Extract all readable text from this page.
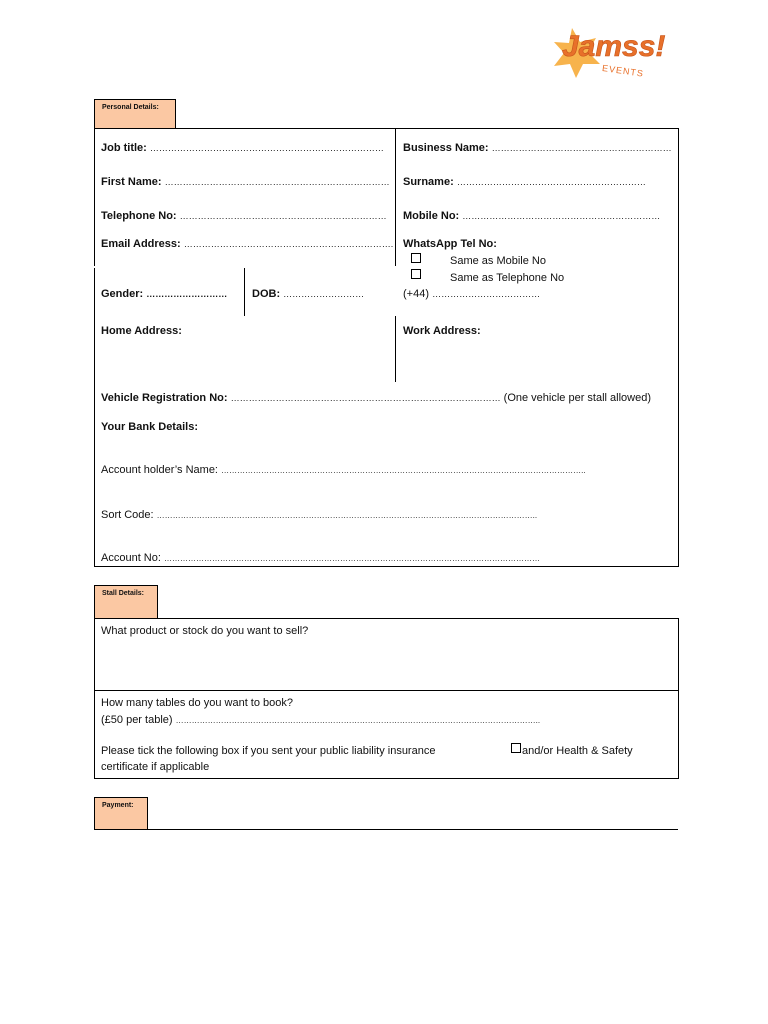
Jamss!
EVENTS
Personal Details:
Job title: …………………………………………………………………… Business Name: ……………………………………………………
First Name: ………………………………………………………………… Surname: ………………………………………………………
Telephone No: …………………………………………………………… Mobile No: …………………………………………………………
Email Address: ……………………………………………………………. WhatsApp Tel No:
Same as Mobile No
Same as Telephone No
(+44) ………………………………
Gender: ……………………… DOB: ………………………
Home Address:	Work Address:
Vehicle Registration No: ……………………………………………………………………………… (One vehicle per stall allowed)
Your Bank Details:
Account holder’s Name: ………………………………………………………………………………………………………………………..
Sort Code: ……………………………………………………………………………………………………………………………..
Account No: ……………………………………………………………………………………………………………………………
Stall Details:
What product or stock do you want to sell?
How many tables do you want to book?
(£50 per table) ………………………………………………………………………………………………………………………..
Please tick the following box if you sent your public liability insurance
certificate if applicable
and/or Health & Safety
Payment:
